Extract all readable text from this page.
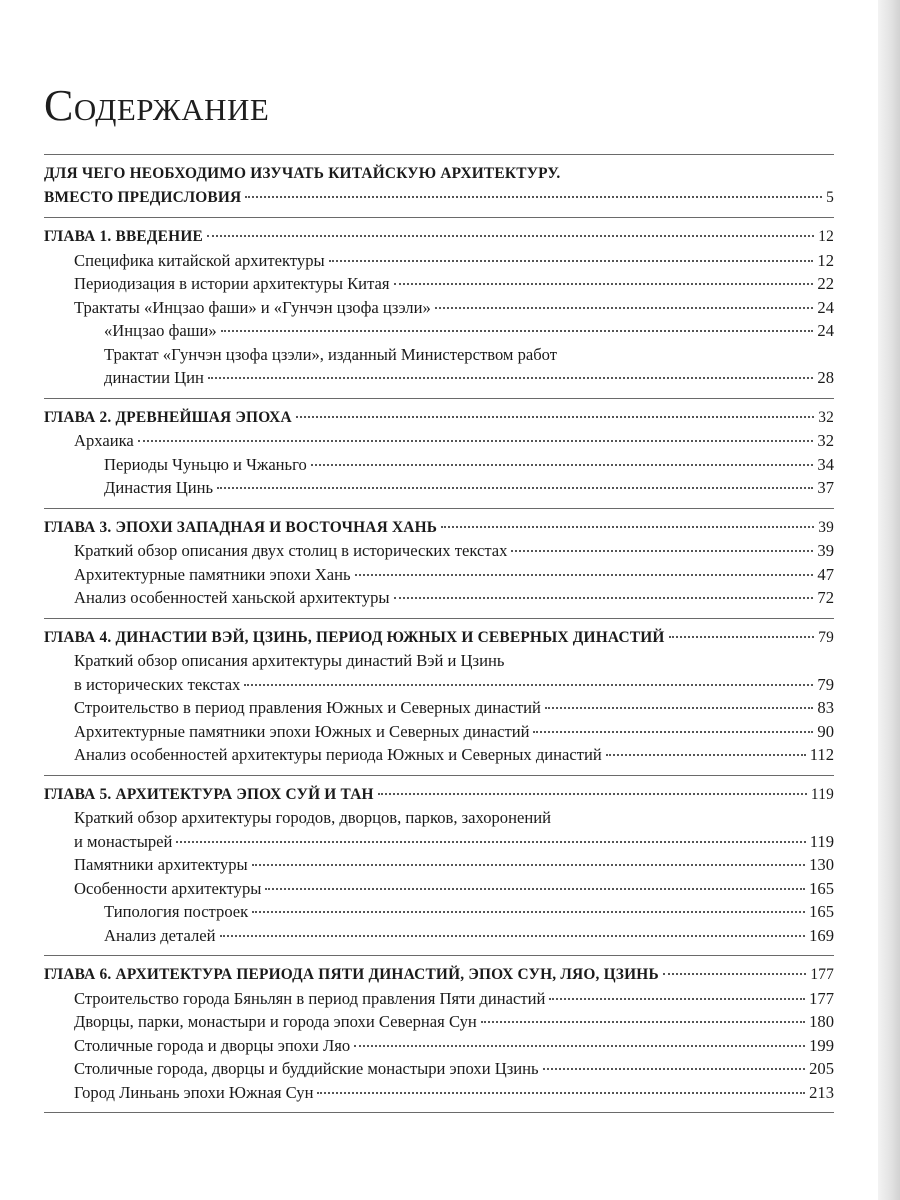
Содержание
ДЛЯ ЧЕГО НЕОБХОДИМО ИЗУЧАТЬ КИТАЙСКУЮ АРХИТЕКТУРУ.
ВМЕСТО ПРЕДИСЛОВИЯ	5
ГЛАВА 1. ВВЕДЕНИЕ	12
Специфика китайской архитектуры	12
Периодизация в истории архитектуры Китая	22
Трактаты «Инцзао фаши» и «Гунчэн цзофа цзэли»	24
«Инцзао фаши»	24
Трактат «Гунчэн цзофа цзэли», изданный Министерством работ
династии Цин	28
ГЛАВА 2. ДРЕВНЕЙШАЯ ЭПОХА	32
Архаика	32
Периоды Чуньцю и Чжаньго	34
Династия Цинь	37
ГЛАВА 3. ЭПОХИ ЗАПАДНАЯ И ВОСТОЧНАЯ ХАНЬ	39
Краткий обзор описания двух столиц в исторических текстах	39
Архитектурные памятники эпохи Хань	47
Анализ особенностей ханьской архитектуры	72
ГЛАВА 4. ДИНАСТИИ ВЭЙ, ЦЗИНЬ, ПЕРИОД ЮЖНЫХ И СЕВЕРНЫХ ДИНАСТИЙ	79
Краткий обзор описания архитектуры династий Вэй и Цзинь
в исторических текстах	79
Строительство в период правления Южных и Северных династий	83
Архитектурные памятники эпохи Южных и Северных династий	90
Анализ особенностей архитектуры периода Южных и Северных династий	112
ГЛАВА 5. АРХИТЕКТУРА ЭПОХ СУЙ И ТАН	119
Краткий обзор архитектуры городов, дворцов, парков, захоронений
и монастырей	119
Памятники архитектуры	130
Особенности архитектуры	165
Типология построек	165
Анализ деталей	169
ГЛАВА 6. АРХИТЕКТУРА ПЕРИОДА ПЯТИ ДИНАСТИЙ, ЭПОХ СУН, ЛЯО, ЦЗИНЬ	177
Строительство города Бяньлян в период правления Пяти династий	177
Дворцы, парки, монастыри и города эпохи Северная Сун	180
Столичные города и дворцы эпохи Ляо	199
Столичные города, дворцы и буддийские монастыри эпохи Цзинь	205
Город Линьань эпохи Южная Сун	213
